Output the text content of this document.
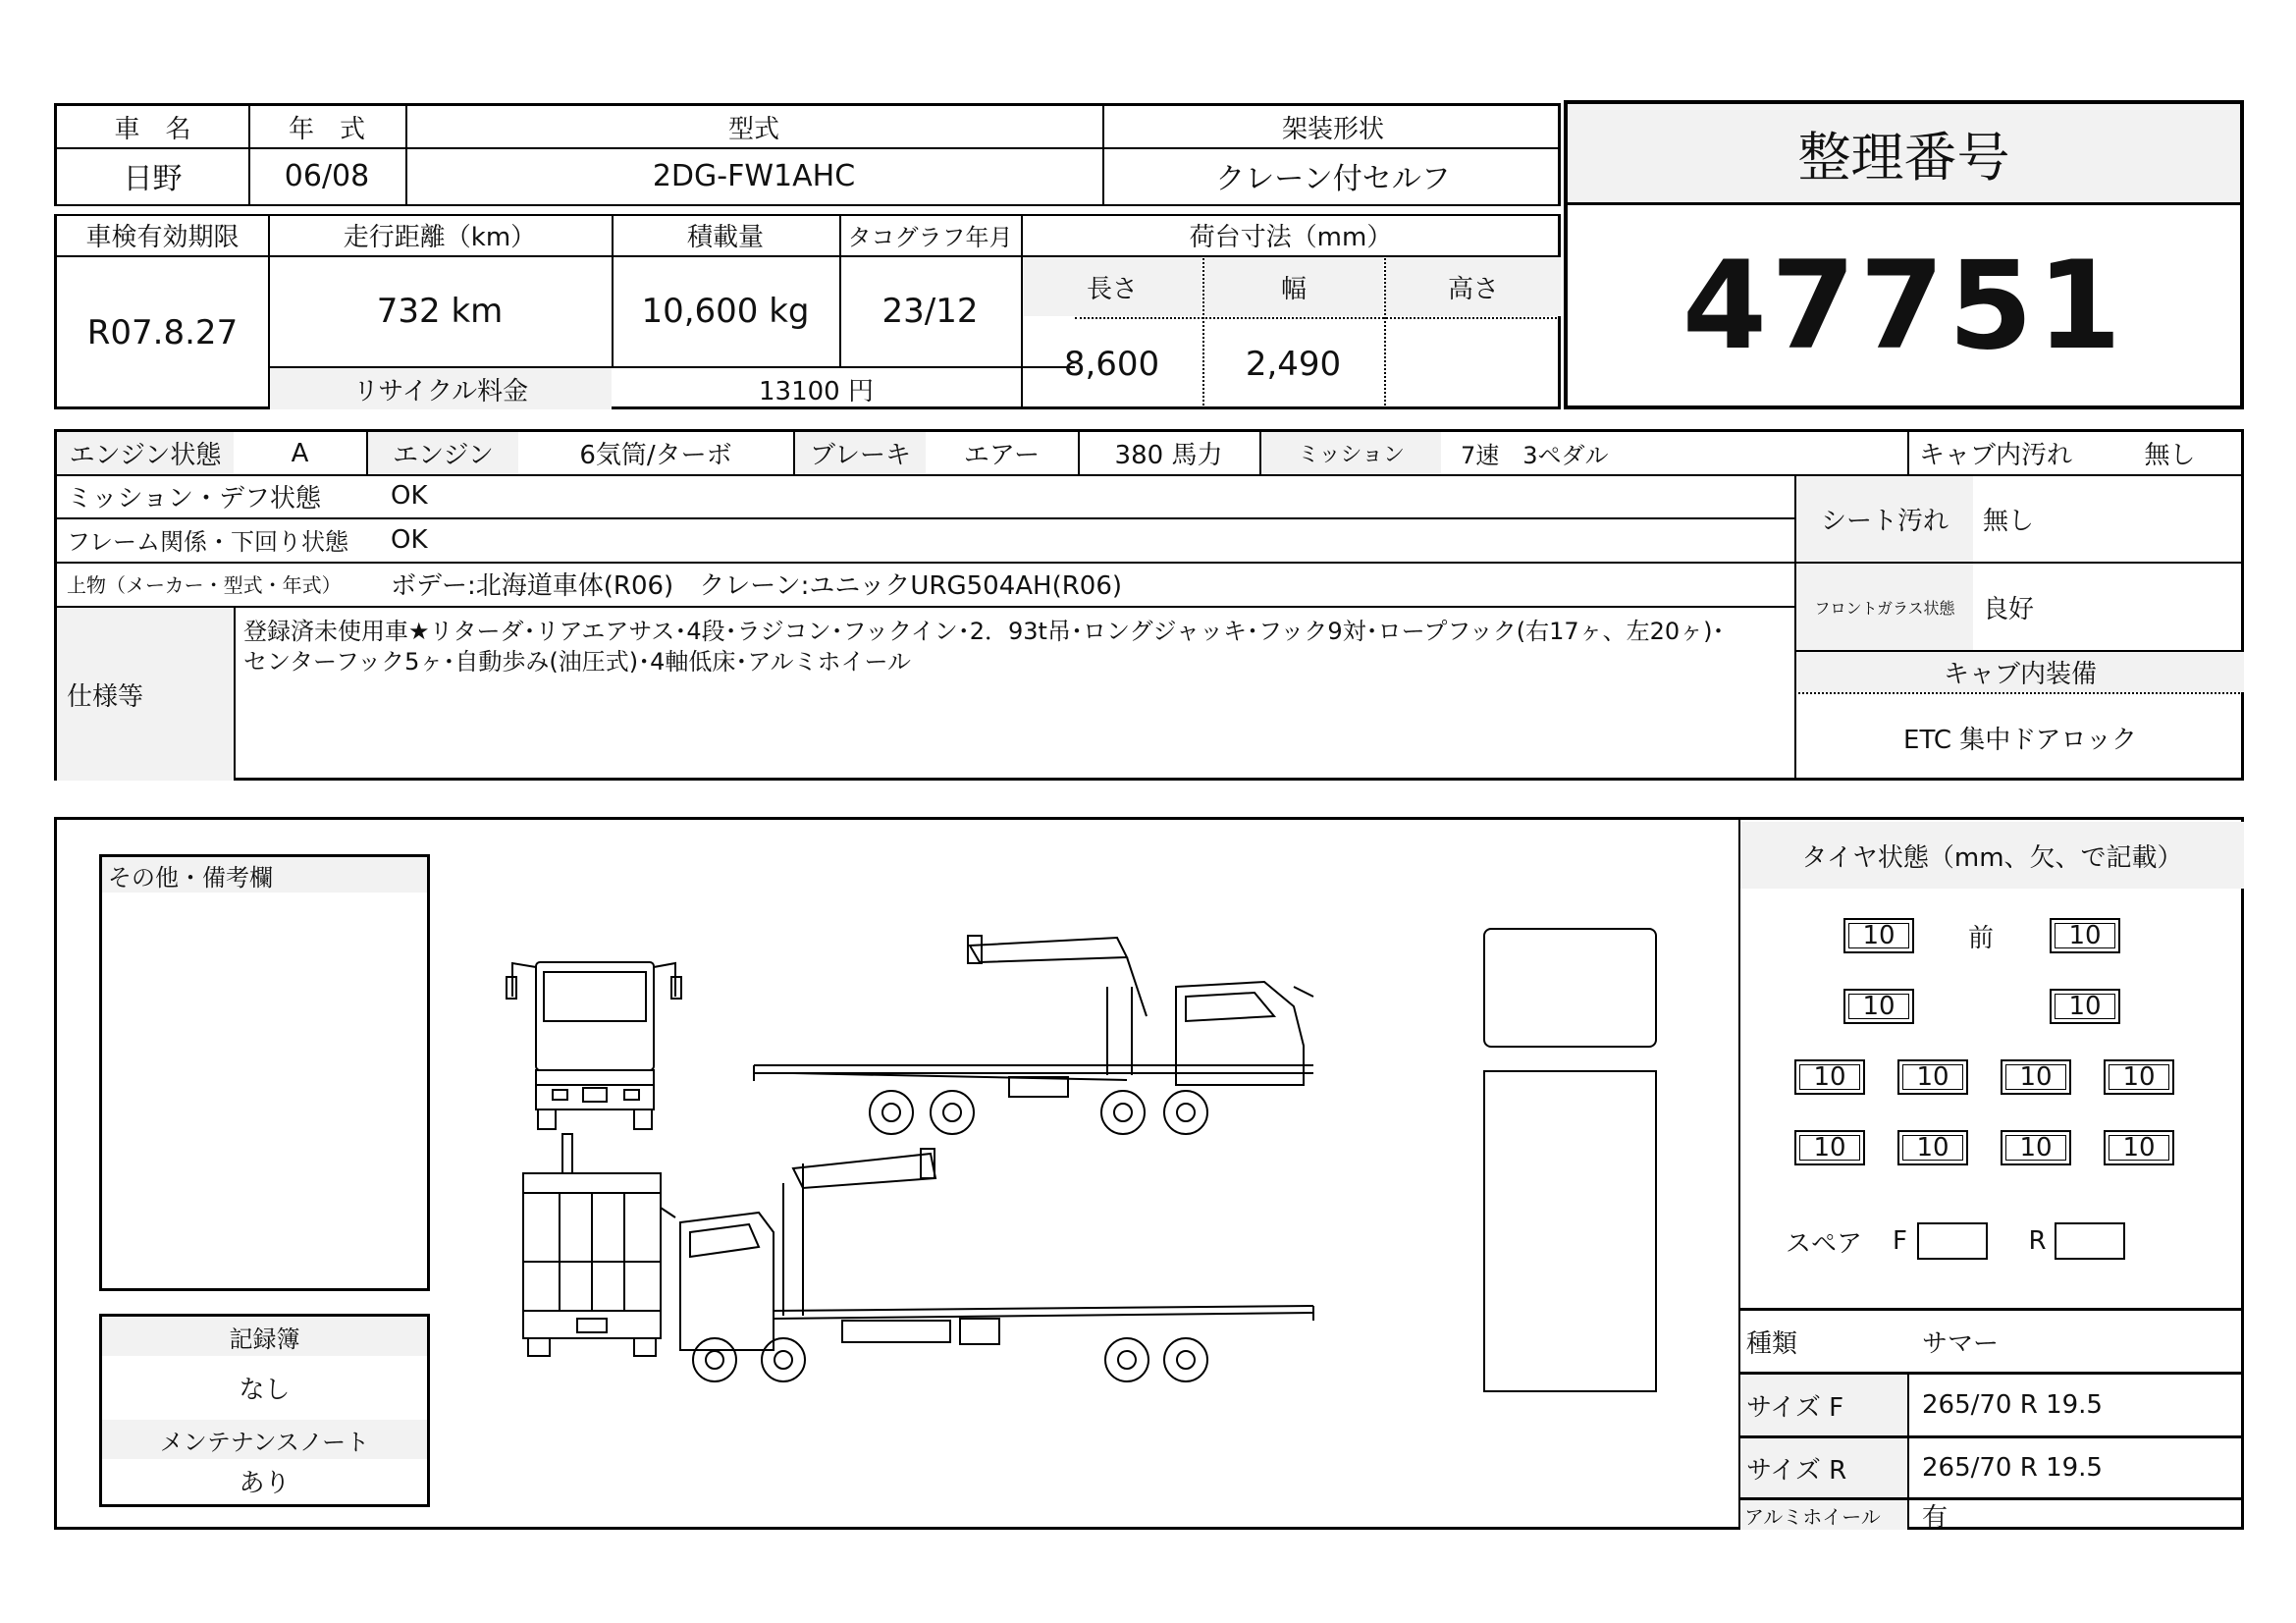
車　名	年　式	型式	架装形状
日野	06/08	2DG-FW1AHC	クレーン付セルフ
車検有効期限	走行距離（km）	積載量	タコグラフ年月	荷台寸法（mm）
R07.8.27
732 km	10,600 kg	23/12
長さ	幅	高さ
8,600	2,490
リサイクル料金	13100 円
整理番号
47751
エンジン状態	A	エンジン	6気筒/ターボ	ブレーキ	エアー	380 馬力	ミッション	7速　3ペダル	キャブ内汚れ	無し
ミッション・デフ状態	OK
フレーム関係・下回り状態	OK
上物（メーカー・型式・年式）	ボデー:北海道車体(R06)　クレーン:ユニックURG504AH(R06)
仕様等
登録済未使用車★リターダ･リアエアサス･4段･ラジコン･フックイン･2．93t吊･ロングジャッキ･フック9対･ロープフック(右17ヶ、左20ヶ)･
センターフック5ヶ･自動歩み(油圧式)･4軸低床･アルミホイール
シート汚れ	無し
フロントガラス状態	良好
キャブ内装備
ETC 集中ドアロック
その他・備考欄
記録簿
なし
メンテナンスノート
あり
タイヤ状態（mm、欠、で記載）
10	前	10
10	10
10	10	10	10
10	10	10	10
スペア F	R
種類	サマー
サイズ F	265/70 R 19.5
サイズ R	265/70 R 19.5
アルミホイール	有
